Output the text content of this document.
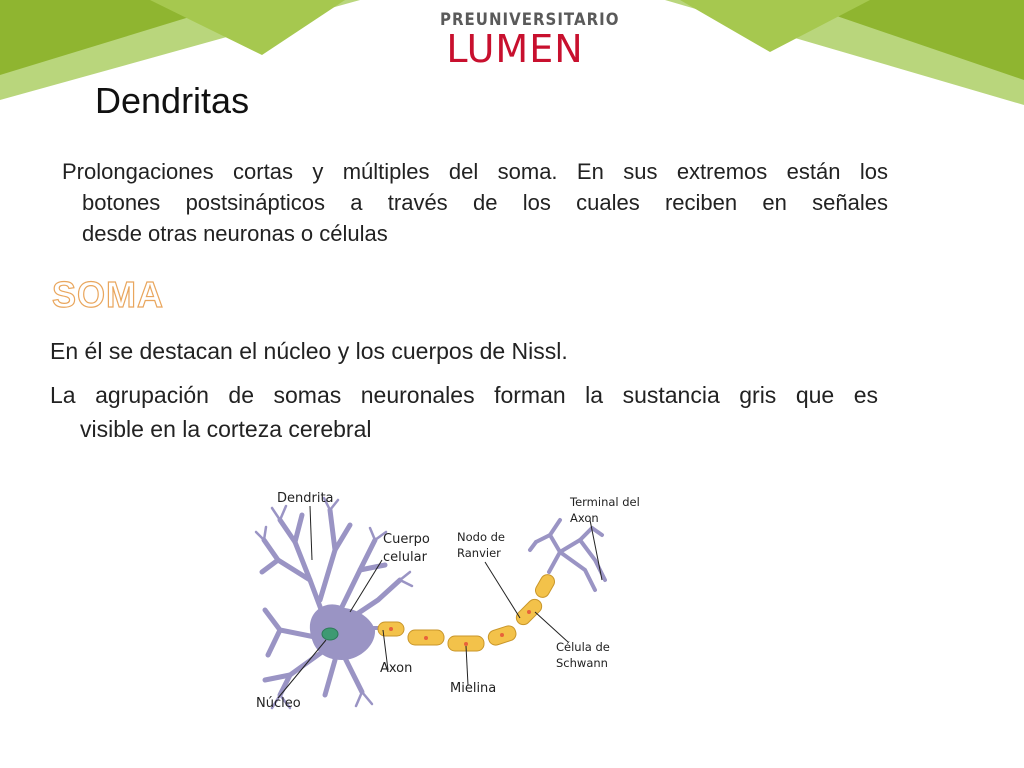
PREUNIVERSITARIO
LUMEN
Dendritas
Prolongaciones cortas y múltiples del soma. En sus extremos están los
botones postsinápticos a través de los cuales reciben en señales
desde otras neuronas o células
SOMA
En él se destacan el núcleo y los cuerpos de Nissl.
La agrupación de somas neuronales forman la sustancia gris que es
visible en la corteza cerebral
Dendrita
Cuerpo
celular
Nodo de
Ranvier
Terminal del
Axon
Célula de
Schwann
Axon
Mielina
Núcleo
